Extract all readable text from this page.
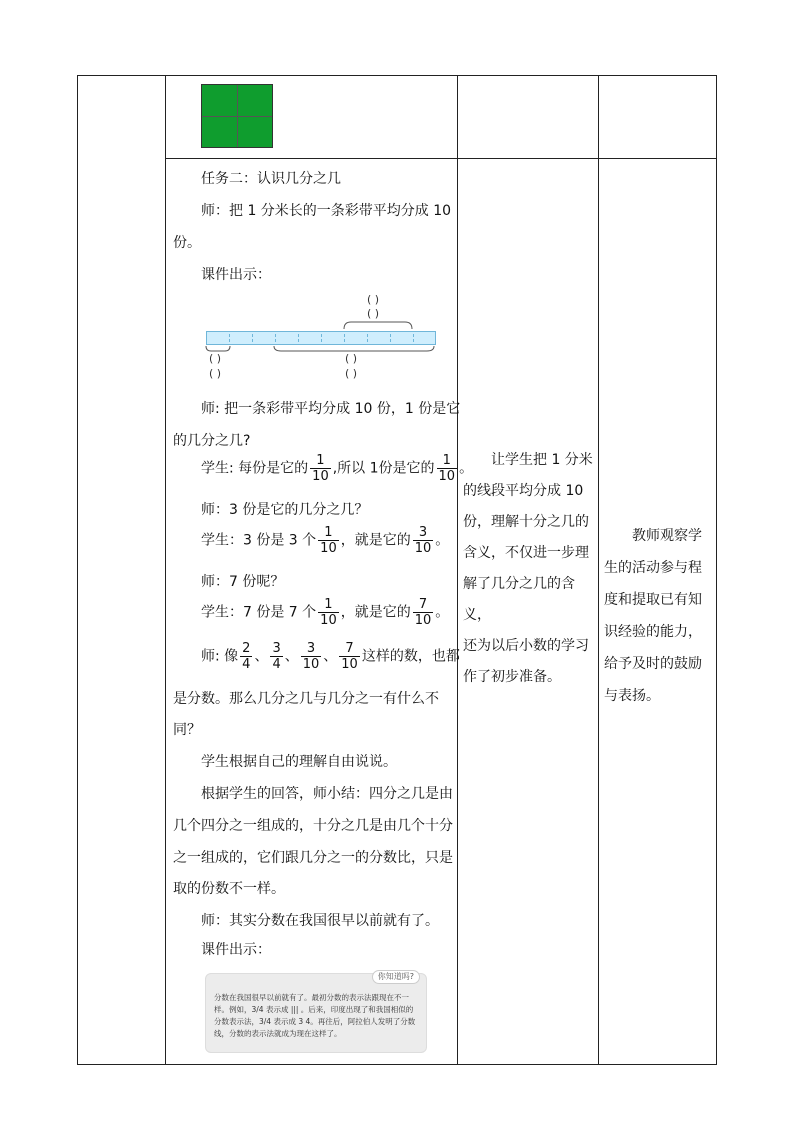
任务二：认识几分之几
师：把 1 分米长的一条彩带平均分成 10
份。
课件出示：
( )
( )
( )
( )
( )
( )
师: 把一条彩带平均分成 10 份，1 份是它
的几分之几?
学生: 每份是它的 $\frac{1}{10}$ ,所以 1份是它的 $\frac{1}{10}$ 。
师：3 份是它的几分之几？
学生：3 份是 3 个 $\frac{1}{10}$ ，就是它的 $\frac{3}{10}$ 。
师：7 份呢？
学生：7 份是 7 个 $\frac{1}{10}$ ，就是它的 $\frac{7}{10}$ 。
师: 像 $\frac{2}{4}$ 、 $\frac{3}{4}$ 、 $\frac{3}{10}$ 、 $\frac{7}{10}$ 这样的数，也都
是分数。那么几分之几与几分之一有什么不
同？
学生根据自己的理解自由说说。
根据学生的回答，师小结：四分之几是由
几个四分之一组成的，十分之几是由几个十分
之一组成的，它们跟几分之一的分数比，只是
取的份数不一样。
师：其实分数在我国很早以前就有了。
课件出示：
你知道吗?
分数在我国很早以前就有了。最初分数的表示法跟现在不一样。例如，3/4 表示成 ||| 。后来，印度出现了和我国相似的分数表示法，3/4 表示成 3 4。再往后，阿拉伯人发明了分数线，分数的表示法就成为现在这样了。
让学生把 1 分米
的线段平均分成 10
份，理解十分之几的
含义，不仅进一步理
解了几分之几的含义，
还为以后小数的学习
作了初步准备。
教师观察学
生的活动参与程
度和提取已有知
识经验的能力，
给予及时的鼓励
与表扬。
